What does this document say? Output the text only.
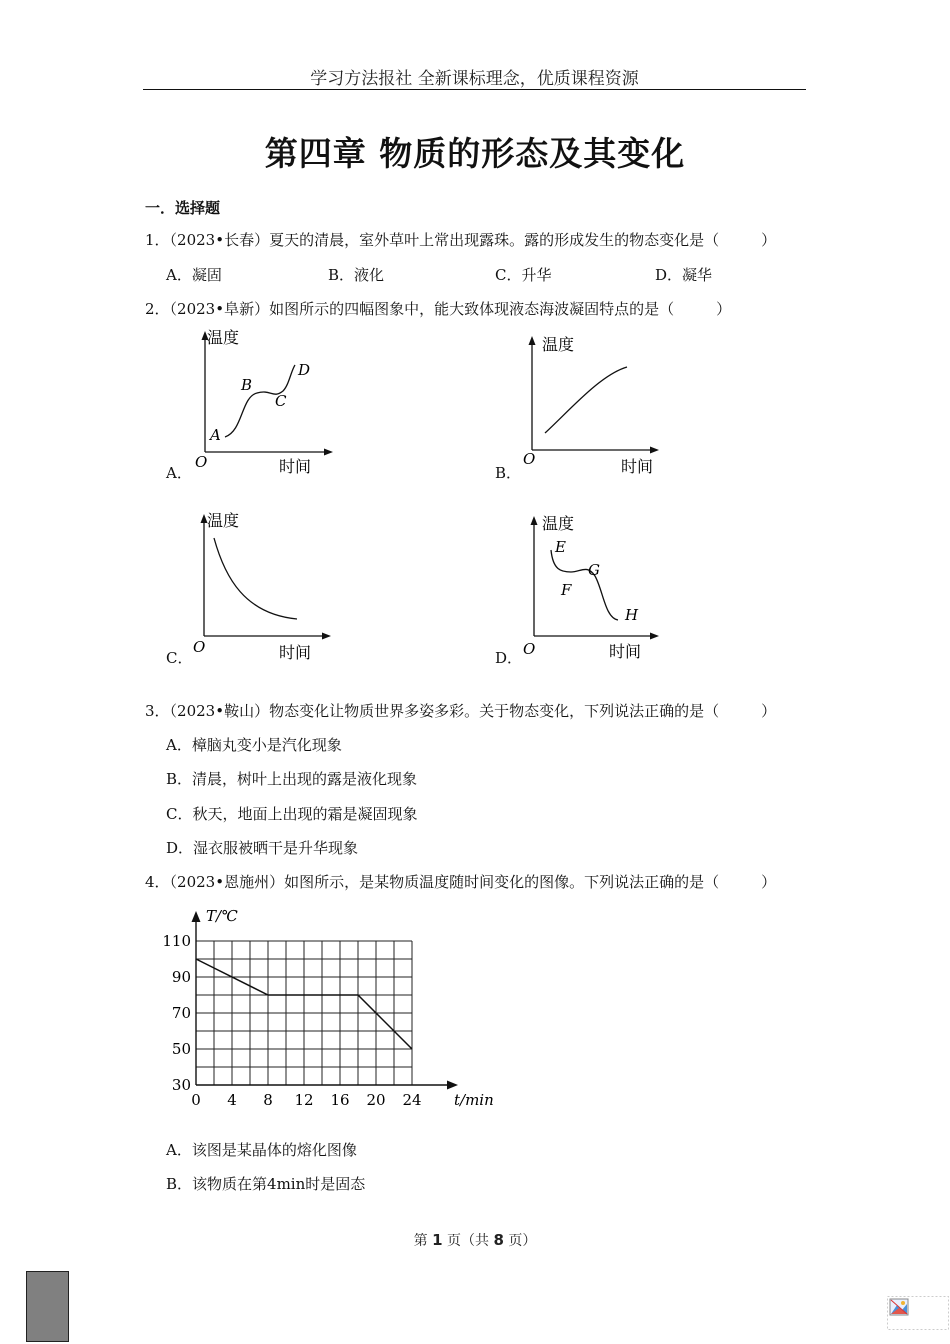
学习方法报社 全新课标理念，优质课程资源
第四章 物质的形态及其变化
一．选择题
1．（2023•长春）夏天的清晨，室外草叶上常出现露珠。露的形成发生的物态变化是（	）
A．凝固	B．液化	C．升华	D．凝华
2．（2023•阜新）如图所示的四幅图象中，能大致体现液态海波凝固特点的是（	）
A．
温度
时间
O
A
B
C
D
B．
温度
时间
O
C．
温度
时间
O
D．
温度
时间
O
E
F
G
H
3．（2023•鞍山）物态变化让物质世界多姿多彩。关于物态变化，下列说法正确的是（	）
A．樟脑丸变小是汽化现象
B．清晨，树叶上出现的露是液化现象
C．秋天，地面上出现的霜是凝固现象
D．湿衣服被晒干是升华现象
4．（2023•恩施州）如图所示，是某物质温度随时间变化的图像。下列说法正确的是（	）
0 4 8 12 16 20 24
30
50
70
90
110
t/min
T/℃
A．该图是某晶体的熔化图像
B．该物质在第4min时是固态
第 1 页（共 8 页）
